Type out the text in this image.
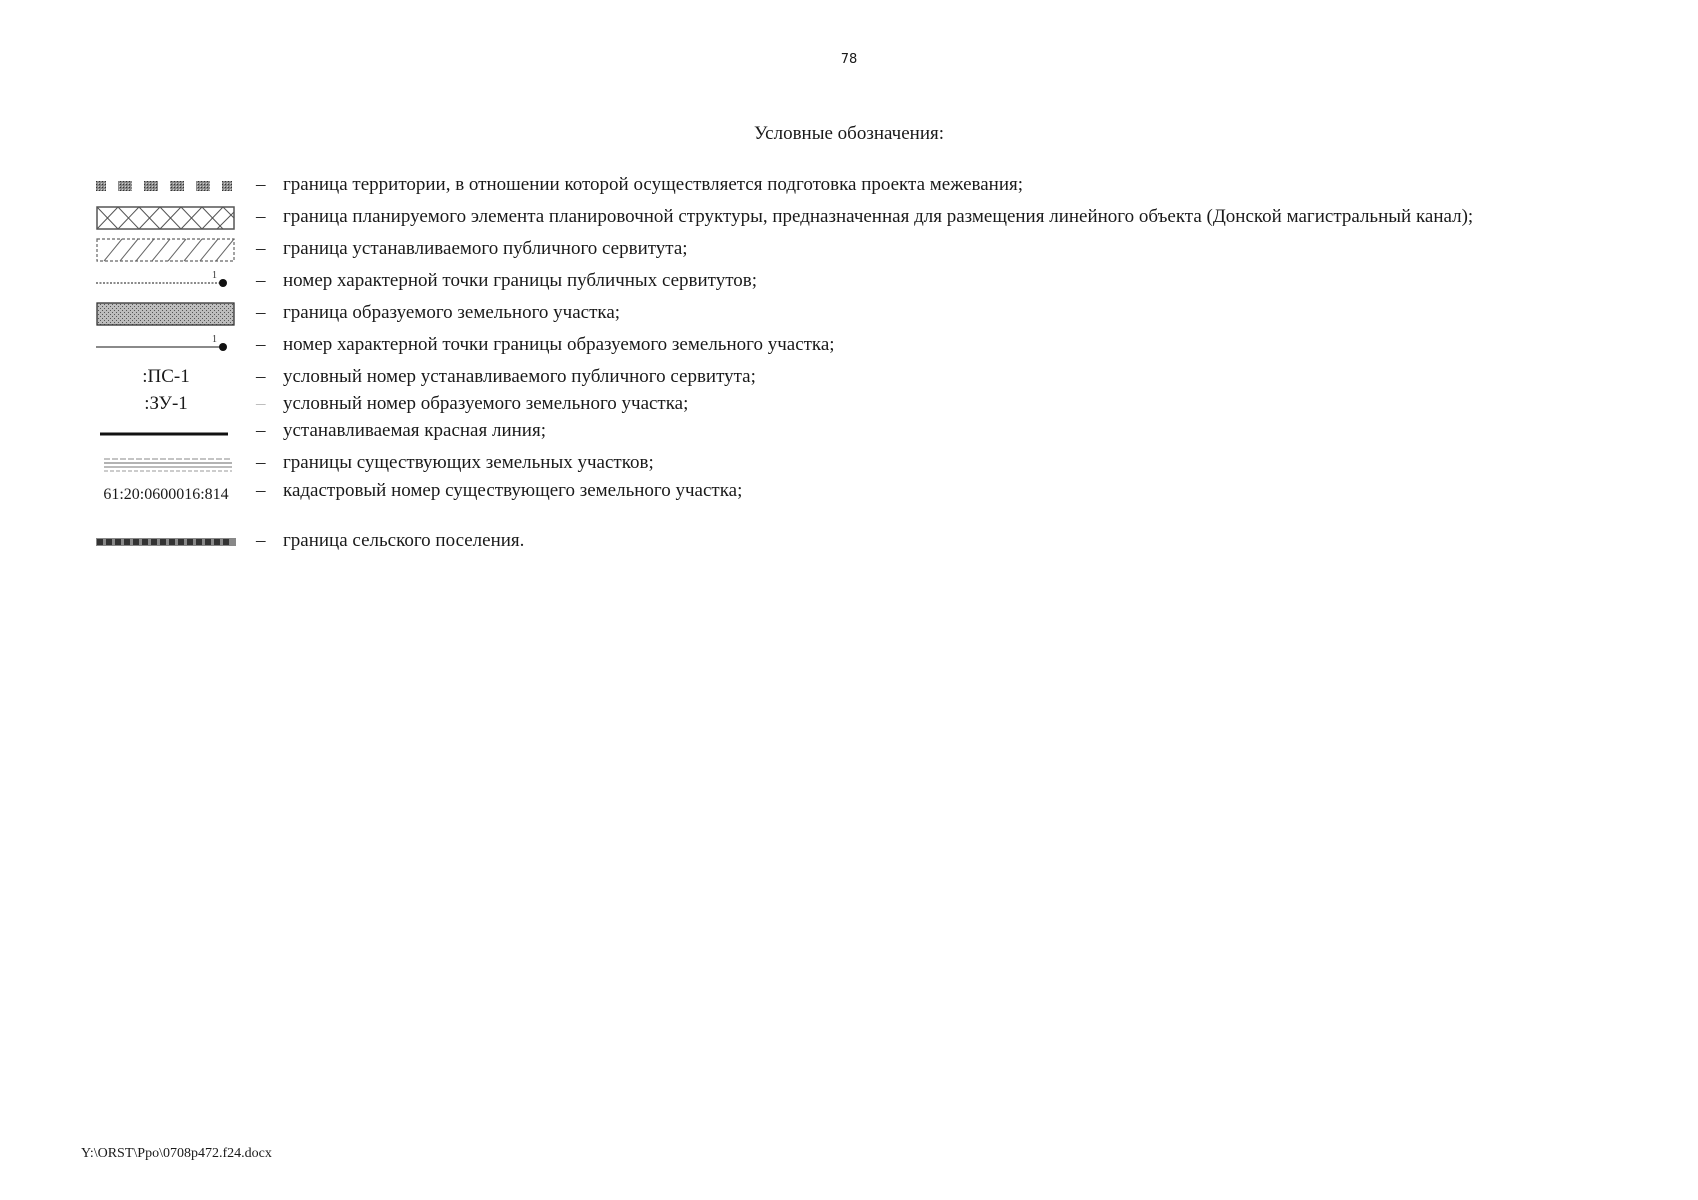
78
Условные обозначения:
– граница территории, в отношении которой осуществляется подготовка проекта межевания;
– граница планируемого элемента планировочной структуры, предназначенная для размещения линейного объекта (Донской магистральный канал);
– граница устанавливаемого публичного сервитута;
1 – номер характерной точки границы публичных сервитутов;
– граница образуемого земельного участка;
1 – номер характерной точки границы образуемого земельного участка;
:ПС-1	– условный номер устанавливаемого публичного сервитута;
:ЗУ-1	– условный номер образуемого земельного участка;
– устанавливаемая красная линия;
– границы существующих земельных участков;
61:20:0600016:814	– кадастровый номер существующего земельного участка;
– граница сельского поселения.
Y:\ORST\Ppo\0708p472.f24.docx
